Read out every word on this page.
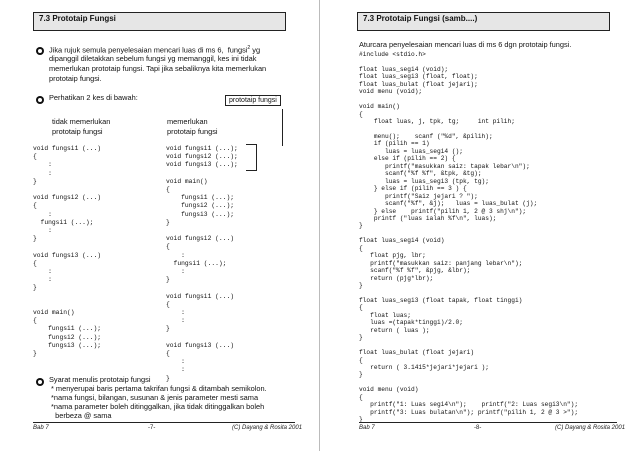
7.3 Prototaip Fungsi
Jika rujuk semula penyelesaian mencari luas di ms 6,  fungsi$^2$ yg
dipanggil diletakkan sebelum fungsi yg memanggil, kes ini tidak
memerlukan prototaip fungsi. Tapi jika sebaliknya kita memerlukan
prototaip fungsi.
Perhatikan 2 kes di bawah:	prototaip fungsi
tidak memerlukan
prototaip fungsi
memerlukan
prototaip fungsi
void fungsi1 (...)
{
:
:
}

void fungsi2 (...)
{
:
fungsi1 (...);
:
}

void fungsi3 (...)
{
:
:
}

void main()
{
fungsi1 (...);
fungsi2 (...);
fungsi3 (...);
}
void fungsi1 (...);
void fungsi2 (...);
void fungsi3 (...);

void main()
{
fungsi1 (...);
fungsi2 (...);
fungsi3 (...);
}

void fungsi2 (...)
{
:
fungsi1 (...);
:
}

void fungsi1 (...)
{
:
:
}

void fungsi3 (...)
{
:
:
}
Syarat menulis prototaip fungsi
* menyerupai baris pertama takrifan fungsi & ditambah semikolon.
*nama fungsi, bilangan, susunan & jenis parameter mesti sama
*nama parameter boleh ditinggalkan, jika tidak ditinggalkan boleh
berbeza @ sama
Bab 7	-7-	(C) Dayang & Rosita 2001
7.3 Prototaip Fungsi (samb....)
Aturcara penyelesaian mencari luas di ms 6 dgn prototaip fungsi.
#include <stdio.h>

float luas_segi4 (void);
float luas_segi3 (float, float);
float luas_bulat (float jejari);
void menu (void);

void main()
{
float luas, j, tpk, tg;     int pilih;

menu();    scanf ("%d", &pilih);
if (pilih == 1)
luas = luas_segi4 ();
else if (pilih == 2) {
printf("masukkan saiz: tapak lebar\n");
scanf("%f %f", &tpk, &tg);
luas = luas_segi3 (tpk, tg);
} else if (pilih == 3 ) {
printf("Saiz jejari ? ");
scanf("%f", &j);   luas = luas_bulat (j);
} else    printf("pilih 1, 2 @ 3 shj\n");
printf ("luas ialah %f\n", luas);
}

float luas_segi4 (void)
{
float pjg, lbr;
printf("masukkan saiz: panjang lebar\n");
scanf("%f %f", &pjg, &lbr);
return (pjg*lbr);
}

float luas_segi3 (float tapak, float tinggi)
{
float luas;
luas =(tapak*tinggi)/2.0;
return ( luas );
}

float luas_bulat (float jejari)
{
return ( 3.1415*jejari*jejari );
}

void menu (void)
{
printf("1: Luas segi4\n");    printf("2: Luas segi3\n");
printf("3: Luas bulatan\n"); printf("pilih 1, 2 @ 3 >");
}
Bab 7	-8-	(C) Dayang & Rosita 2001
